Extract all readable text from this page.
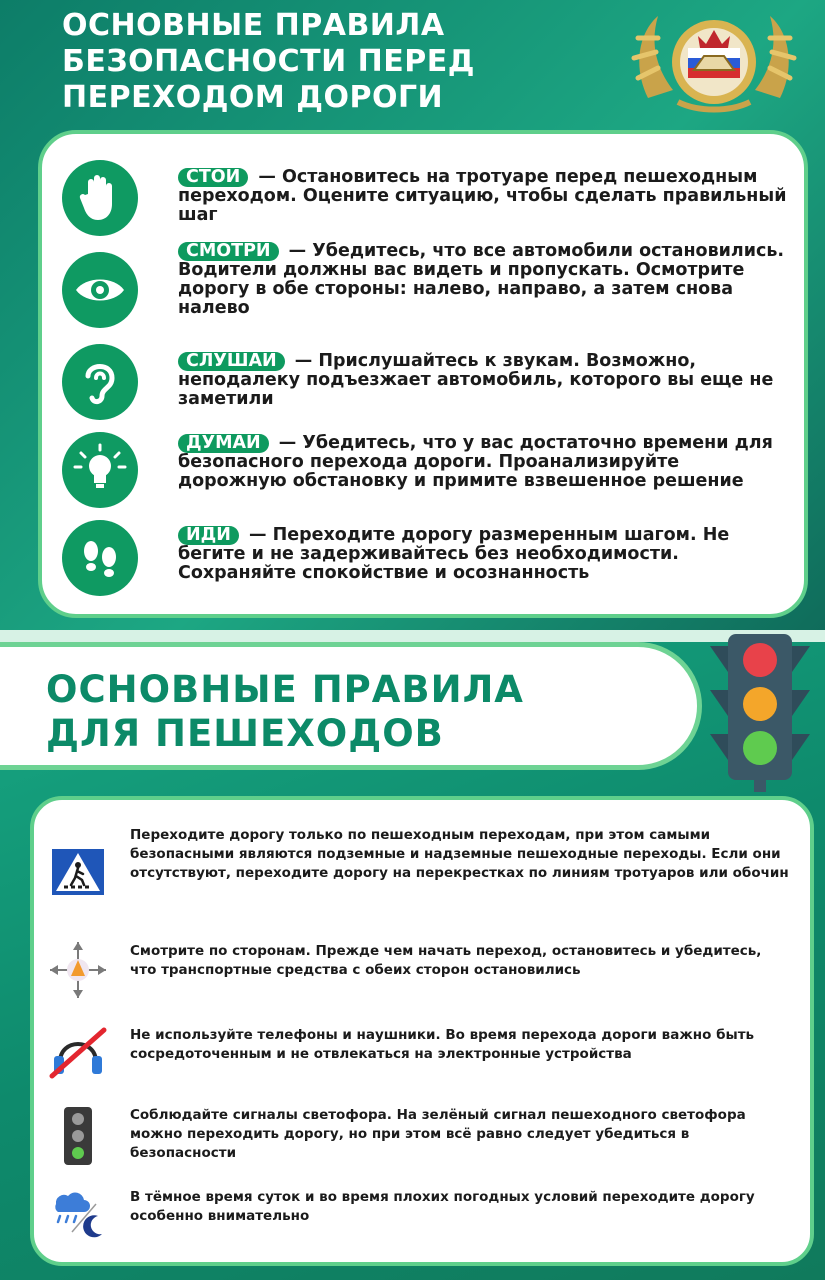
ОСНОВНЫЕ ПРАВИЛА
БЕЗОПАСНОСТИ ПЕРЕД
ПЕРЕХОДОМ ДОРОГИ
СТОЙ — Остановитесь на тротуаре перед пешеходным переходом. Оцените ситуацию, чтобы сделать правильный шаг
СМОТРИ — Убедитесь, что все автомобили остановились. Водители должны вас видеть и пропускать. Осмотрите дорогу в обе стороны: налево, направо, а затем снова налево
СЛУШАЙ — Прислушайтесь к звукам. Возможно, неподалеку подъезжает автомобиль, которого вы еще не заметили
ДУМАЙ — Убедитесь, что у вас достаточно времени для безопасного перехода дороги. Проанализируйте дорожную обстановку и примите взвешенное решение
ИДИ — Переходите дорогу размеренным шагом. Не бегите и не задерживайтесь без необходимости. Сохраняйте спокойствие и осознанность
ОСНОВНЫЕ ПРАВИЛА
ДЛЯ ПЕШЕХОДОВ
Переходите дорогу только по пешеходным переходам, при этом самыми безопасными являются подземные и надземные пешеходные переходы. Если они отсутствуют, переходите дорогу на перекрестках по линиям тротуаров или обочин
Смотрите по сторонам. Прежде чем начать переход, остановитесь и убедитесь, что транспортные средства с обеих сторон остановились
Не используйте телефоны и наушники. Во время перехода дороги важно быть сосредоточенным и не отвлекаться на электронные устройства
Соблюдайте сигналы светофора. На зелёный сигнал пешеходного светофора можно переходить дорогу, но при этом всё равно следует убедиться в безопасности
В тёмное время суток и во время плохих погодных условий переходите дорогу особенно внимательно
